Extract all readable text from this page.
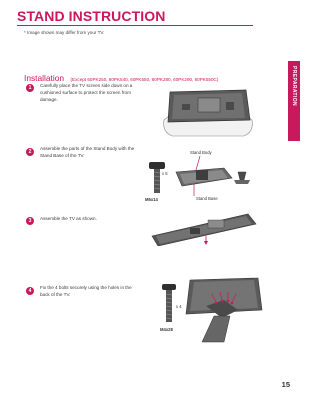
STAND INSTRUCTION
* Image shown may differ from your TV.
PREPARATION
Installation (Except 60PK250, 60PK540, 60PK550, 60PK280, 60PK290, 60PK550C)
1	Carefully place the TV screen side down on a
cushioned surface to protect the screen from
damage.
2
Assemble the parts of the Stand Body with the
Stand Base of the TV.
x 5
M5x14
Stand Body
Stand Base
3	Assemble the TV as shown.
4
Fix the 4 bolts securely using the holes in the
back of the TV.
x 4
M4x28
15
